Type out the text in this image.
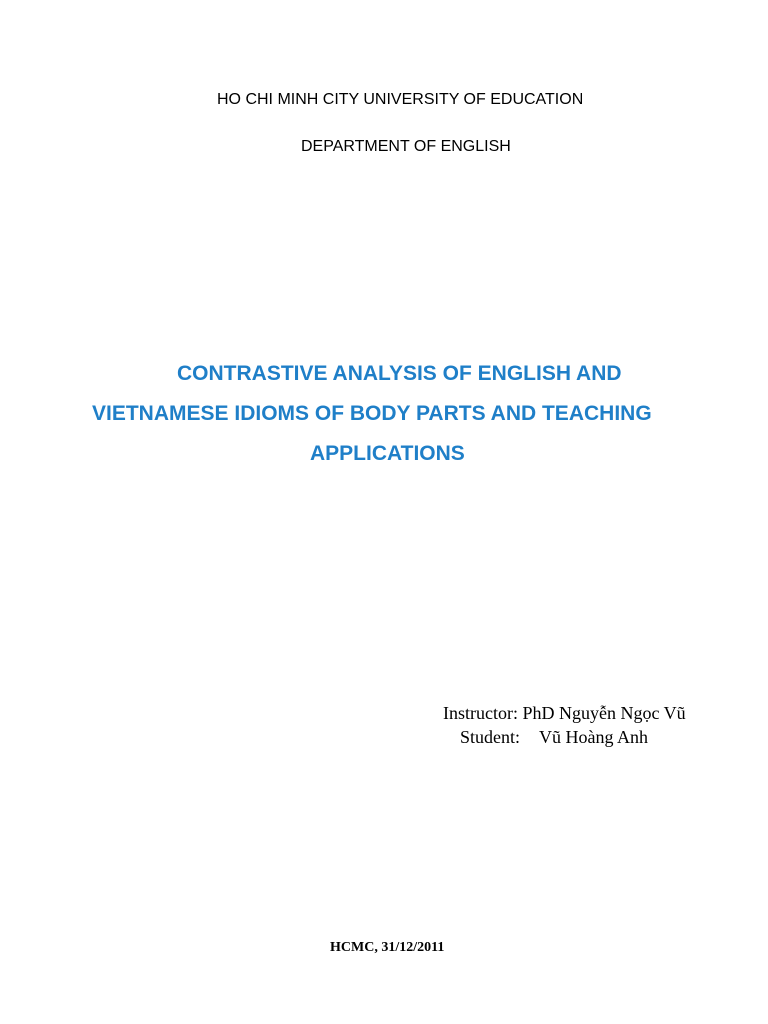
HO CHI MINH CITY UNIVERSITY OF EDUCATION
DEPARTMENT OF ENGLISH
CONTRASTIVE ANALYSIS OF ENGLISH AND
VIETNAMESE IDIOMS OF BODY PARTS AND TEACHING
APPLICATIONS
Instructor: PhD Nguyễn Ngọc Vũ
Student: Vũ Hoàng Anh
HCMC, 31/12/2011
